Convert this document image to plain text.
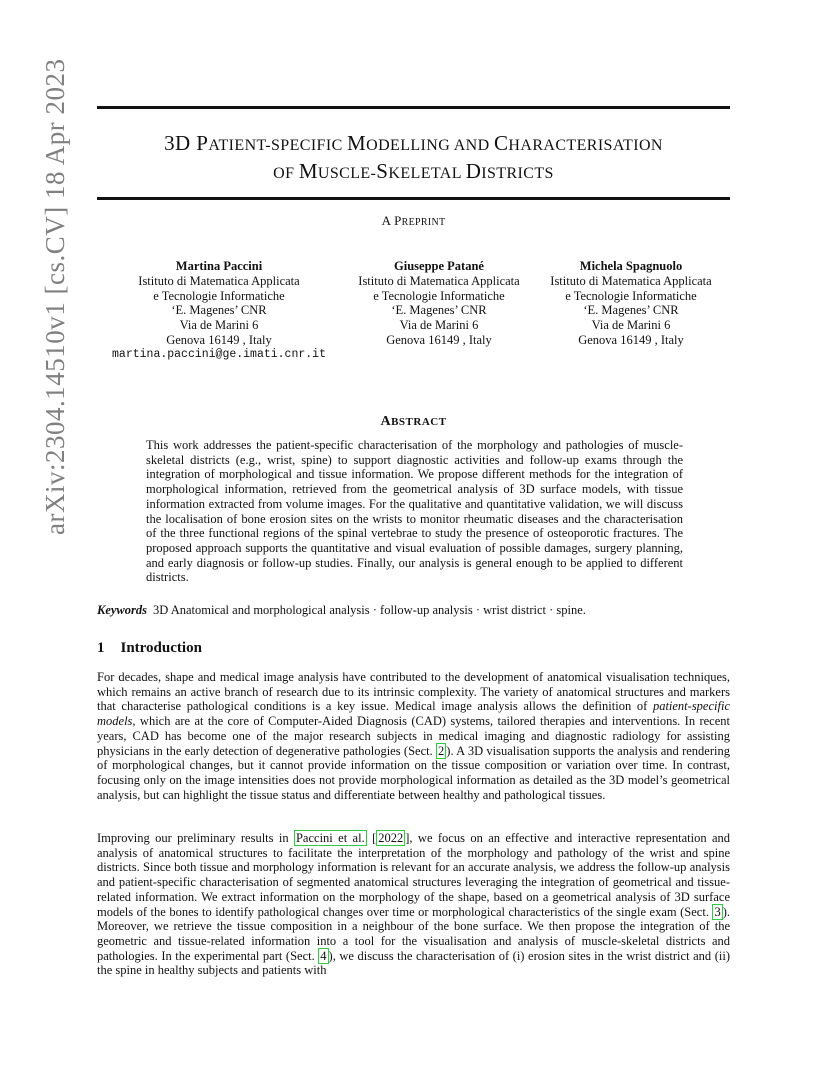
arXiv:2304.14510v1 [cs.CV] 18 Apr 2023	3D PATIENT-SPECIFIC MODELLING AND CHARACTERISATION
OF MUSCLE-SKELETAL DISTRICTS
A PREPRINT
Martina Paccini
Istituto di Matematica Applicata
e Tecnologie Informatiche
‘E. Magenes’ CNR
Via de Marini 6
Genova 16149 , Italy
martina.paccini@ge.imati.cnr.it
Giuseppe Patané
Istituto di Matematica Applicata
e Tecnologie Informatiche
‘E. Magenes’ CNR
Via de Marini 6
Genova 16149 , Italy
Michela Spagnuolo
Istituto di Matematica Applicata
e Tecnologie Informatiche
‘E. Magenes’ CNR
Via de Marini 6
Genova 16149 , Italy
ABSTRACT
This work addresses the patient-specific characterisation of the morphology and pathologies of muscle-skeletal districts (e.g., wrist, spine) to support diagnostic activities and follow-up exams through the integration of morphological and tissue information. We propose different methods for the integration of morphological information, retrieved from the geometrical analysis of 3D surface models, with tissue information extracted from volume images. For the qualitative and quantitative validation, we will discuss the localisation of bone erosion sites on the wrists to monitor rheumatic diseases and the characterisation of the three functional regions of the spinal vertebrae to study the presence of osteoporotic fractures. The proposed approach supports the quantitative and visual evaluation of possible damages, surgery planning, and early diagnosis or follow-up studies. Finally, our analysis is general enough to be applied to different districts.
Keywords 3D Anatomical and morphological analysis · follow-up analysis · wrist district · spine.
1 Introduction
For decades, shape and medical image analysis have contributed to the development of anatomical visualisation techniques, which remains an active branch of research due to its intrinsic complexity. The variety of anatomical structures and markers that characterise pathological conditions is a key issue. Medical image analysis allows the definition of patient-specific models, which are at the core of Computer-Aided Diagnosis (CAD) systems, tailored therapies and interventions. In recent years, CAD has become one of the major research subjects in medical imaging and diagnostic radiology for assisting physicians in the early detection of degenerative pathologies (Sect. 2 ). A 3D visualisation supports the analysis and rendering of morphological changes, but it cannot provide information on the tissue composition or variation over time. In contrast, focusing only on the image intensities does not provide morphological information as detailed as the 3D model’s geometrical analysis, but can highlight the tissue status and differentiate between healthy and pathological tissues.
Improving our preliminary results in Paccini et al. [ 2022 ], we focus on an effective and interactive representation and analysis of anatomical structures to facilitate the interpretation of the morphology and pathology of the wrist and spine districts. Since both tissue and morphology information is relevant for an accurate analysis, we address the follow-up analysis and patient-specific characterisation of segmented anatomical structures leveraging the integration of geometrical and tissue-related information. We extract information on the morphology of the shape, based on a geometrical analysis of 3D surface models of the bones to identify pathological changes over time or morphological characteristics of the single exam (Sect. 3 ). Moreover, we retrieve the tissue composition in a neighbour of the bone surface. We then propose the integration of the geometric and tissue-related information into a tool for the visualisation and analysis of muscle-skeletal districts and pathologies. In the experimental part (Sect. 4 ), we discuss the characterisation of (i) erosion sites in the wrist district and (ii) the spine in healthy subjects and patients with
